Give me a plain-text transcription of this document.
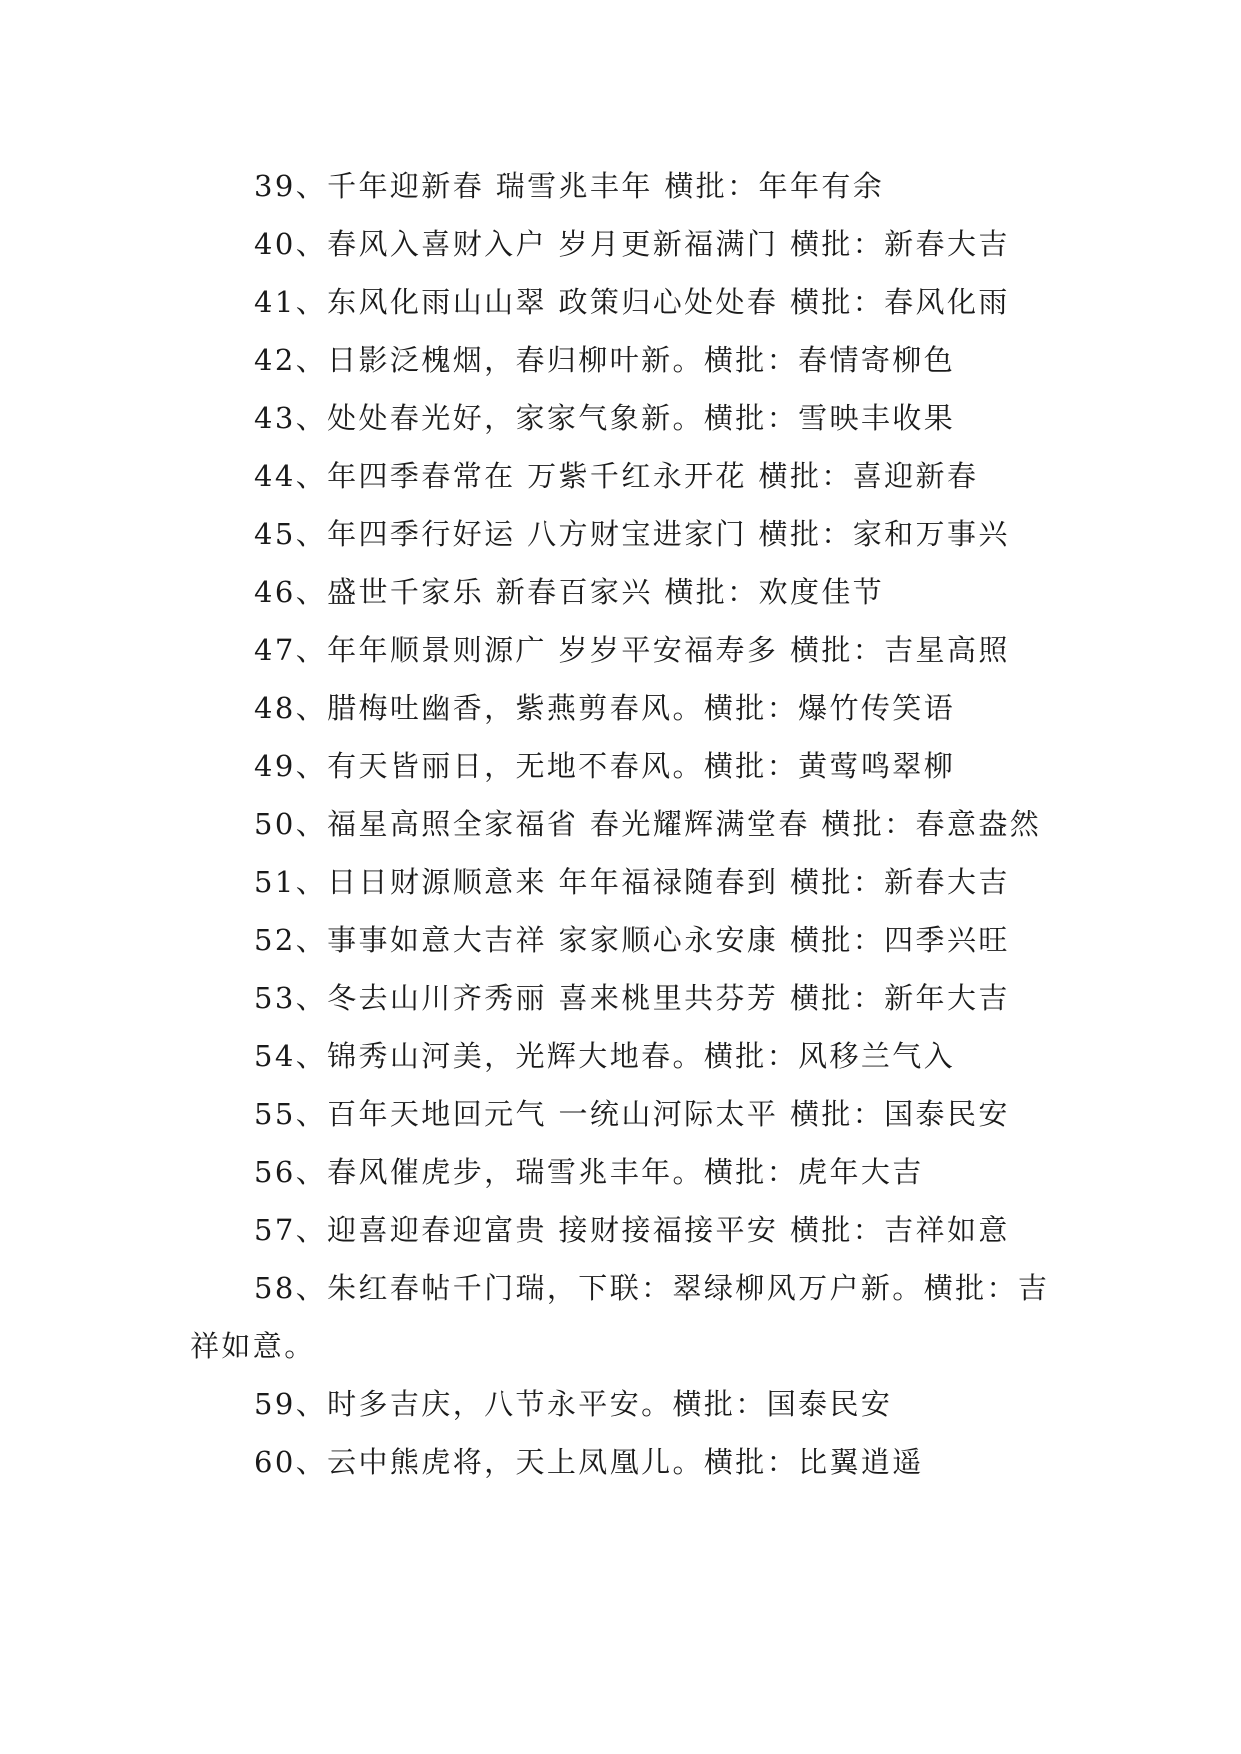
39、千年迎新春 瑞雪兆丰年 横批：年年有余

40、春风入喜财入户 岁月更新福满门 横批：新春大吉

41、东风化雨山山翠 政策归心处处春 横批：春风化雨

42、日影泛槐烟，春归柳叶新。横批：春情寄柳色

43、处处春光好，家家气象新。横批：雪映丰收果

44、年四季春常在 万紫千红永开花 横批：喜迎新春

45、年四季行好运 八方财宝进家门 横批：家和万事兴

46、盛世千家乐 新春百家兴 横批：欢度佳节

47、年年顺景则源广 岁岁平安福寿多 横批：吉星高照

48、腊梅吐幽香，紫燕剪春风。横批：爆竹传笑语

49、有天皆丽日，无地不春风。横批：黄莺鸣翠柳

50、福星高照全家福省 春光耀辉满堂春 横批：春意盎然

51、日日财源顺意来 年年福禄随春到 横批：新春大吉

52、事事如意大吉祥 家家顺心永安康 横批：四季兴旺

53、冬去山川齐秀丽 喜来桃里共芬芳 横批：新年大吉

54、锦秀山河美，光辉大地春。横批：风移兰气入

55、百年天地回元气 一统山河际太平 横批：国泰民安

56、春风催虎步，瑞雪兆丰年。横批：虎年大吉

57、迎喜迎春迎富贵 接财接福接平安 横批：吉祥如意

58、朱红春帖千门瑞，下联：翠绿柳风万户新。横批：吉祥如意。

59、时多吉庆，八节永平安。横批：国泰民安

60、云中熊虎将，天上凤凰儿。横批：比翼逍遥
